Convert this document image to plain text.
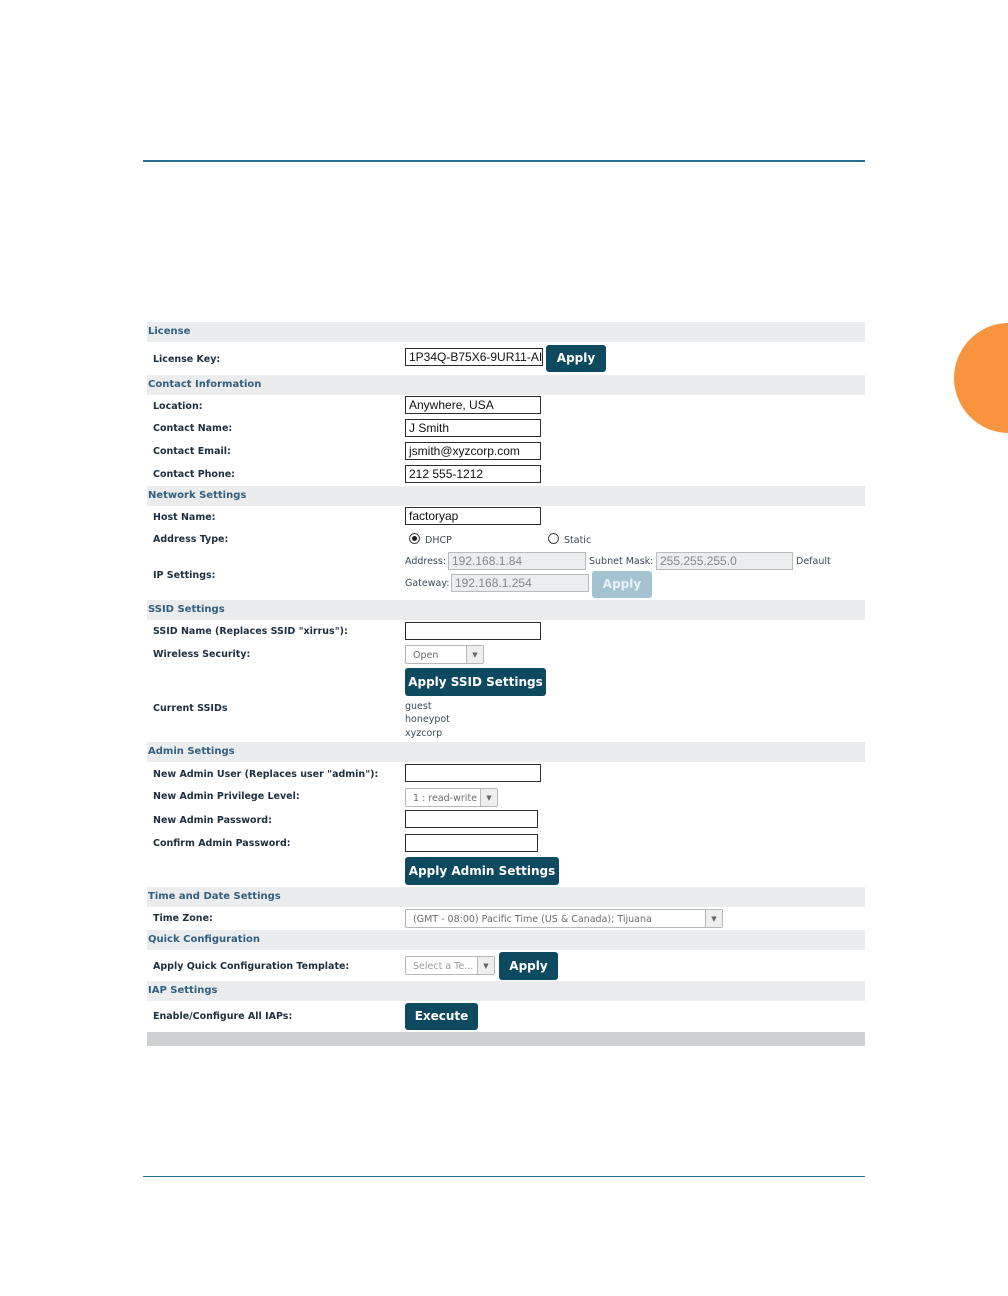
License
License Key:	1P34Q-B75X6-9UR11-AI	Apply
Contact Information
Location:	Anywhere, USA
Contact Name:	J Smith
Contact Email:	jsmith@xyzcorp.com
Contact Phone:	212 555-1212
Network Settings
Host Name:	factoryap
Address Type:	DHCP	Static
IP Settings:
Address: 192.168.1.84	Subnet Mask: 255.255.255.0	Default
Gateway: 192.168.1.254	Apply
SSID Settings
SSID Name (Replaces SSID "xirrus"):
Wireless Security:	Open	▼
Apply SSID Settings
Current SSIDs	guest
honeypot
xyzcorp
Admin Settings
New Admin User (Replaces user "admin"):
New Admin Privilege Level:	1 : read-write	▼
New Admin Password:
Confirm Admin Password:
Apply Admin Settings
Time and Date Settings
Time Zone:	(GMT - 08:00) Pacific Time (US & Canada); Tijuana	▼
Quick Configuration
Apply Quick Configuration Template:	Select a Te...	▼	Apply
IAP Settings
Enable/Configure All IAPs:	Execute
